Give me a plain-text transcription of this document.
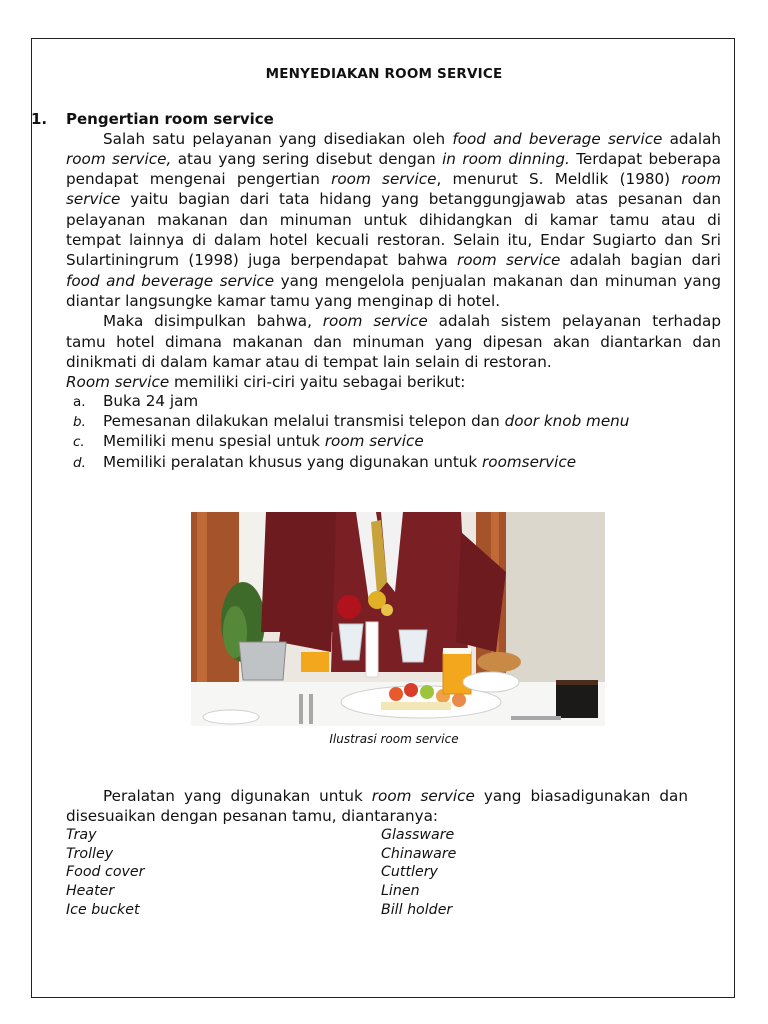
MENYEDIAKAN ROOM SERVICE
1. Pengertian room service
Salah satu pelayanan yang disediakan oleh food and beverage service adalah
room service, atau yang sering disebut dengan in room dinning. Terdapat beberapa
pendapat mengenai pengertian room service, menurut S. Meldlik (1980) room
service yaitu bagian dari tata hidang yang betanggungjawab atas pesanan dan
pelayanan makanan dan minuman untuk dihidangkan di kamar tamu atau di
tempat lainnya di dalam hotel kecuali restoran. Selain itu, Endar Sugiarto dan Sri
Sulartiningrum (1998) juga berpendapat bahwa room service adalah bagian dari
food and beverage service yang mengelola penjualan makanan dan minuman yang
diantar langsungke kamar tamu yang menginap di hotel.
Maka disimpulkan bahwa, room service adalah sistem pelayanan terhadap
tamu hotel dimana makanan dan minuman yang dipesan akan diantarkan dan
dinikmati di dalam kamar atau di tempat lain selain di restoran.
Room service memiliki ciri-ciri yaitu sebagai berikut:
a. Buka 24 jam
b. Pemesanan dilakukan melalui transmisi telepon dan door knob menu
c. Memiliki menu spesial untuk room service
d. Memiliki peralatan khusus yang digunakan untuk roomservice
Ilustrasi room service
Peralatan yang digunakan untuk room service yang biasadigunakan dan
disesuaikan dengan pesanan tamu, diantaranya:
Tray
Trolley
Food cover
Heater
Ice bucket
Glassware
Chinaware
Cuttlery
Linen
Bill holder
